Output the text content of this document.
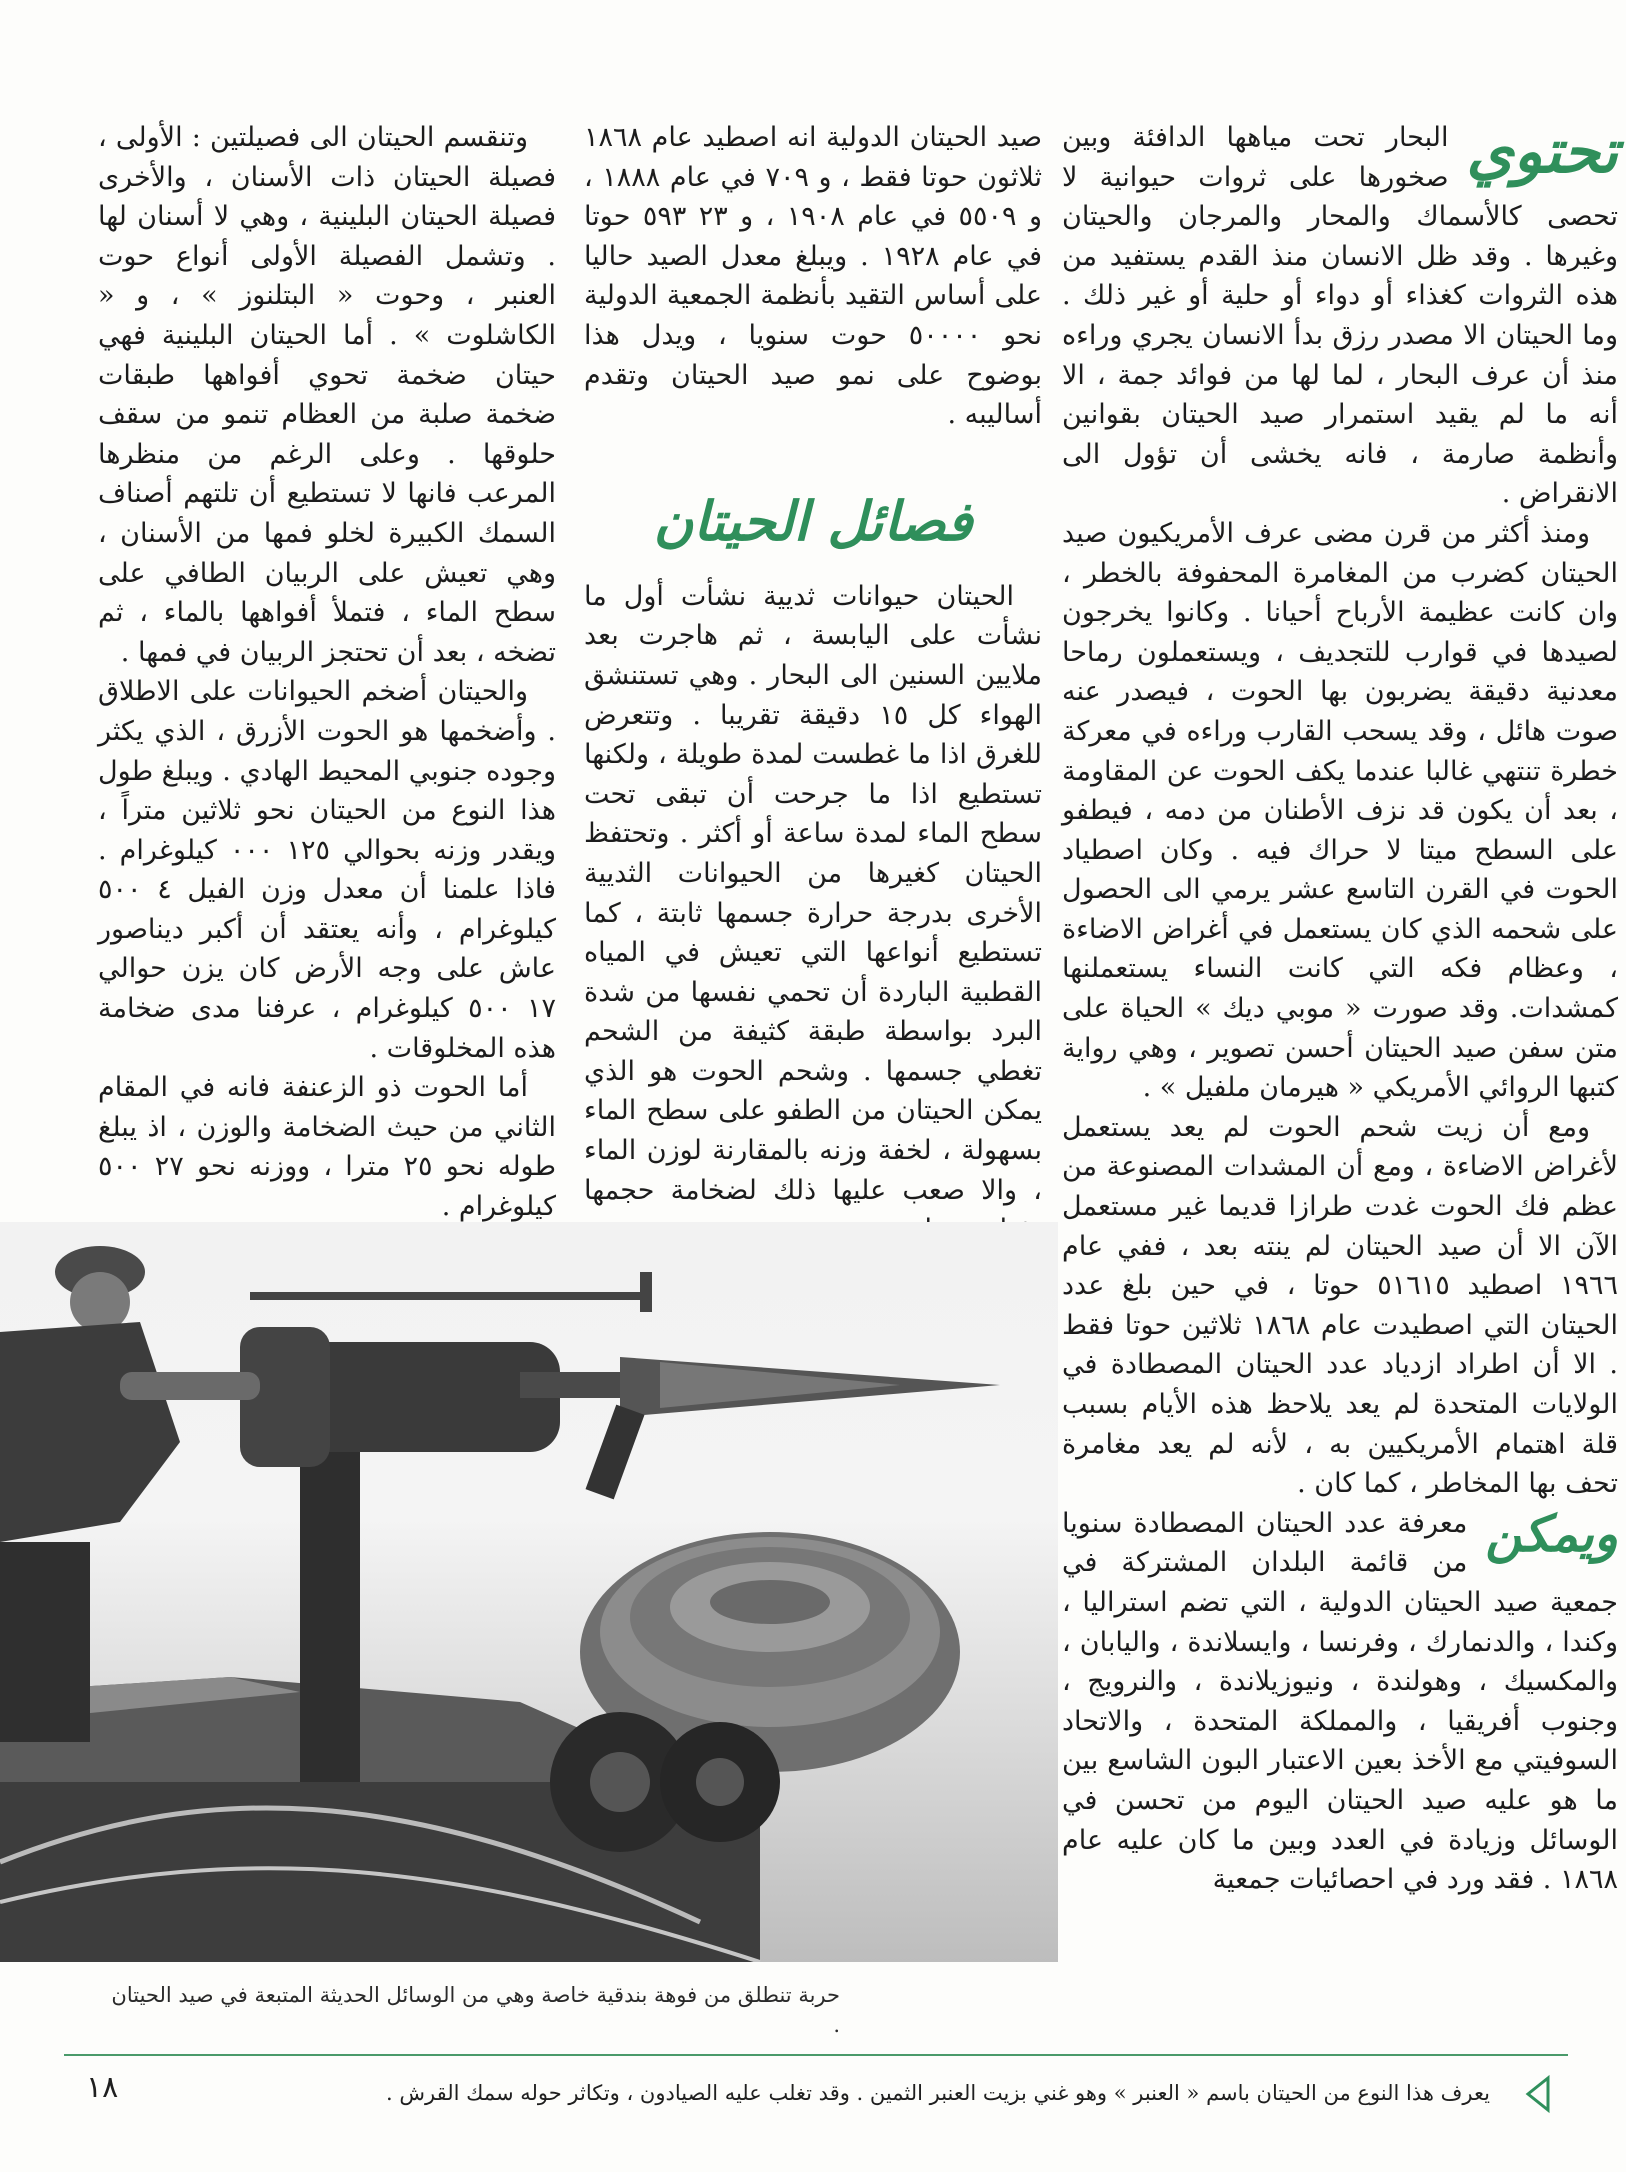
تحتوي

البحار تحت مياهها الدافئة وبين صخورها على ثروات حيوانية لا تحصى كالأسماك والمحار والمرجان والحيتان وغيرها . وقد ظل الانسان منذ القدم يستفيد من هذه الثروات كغذاء أو دواء أو حلية أو غير ذلك . وما الحيتان الا مصدر رزق بدأ الانسان يجري وراءه منذ أن عرف البحار ، لما لها من فوائد جمة ، الا أنه ما لم يقيد استمرار صيد الحيتان بقوانين وأنظمة صارمة ، فانه يخشى أن تؤول الى الانقراض .

ومنذ أكثر من قرن مضى عرف الأمريكيون صيد الحيتان كضرب من المغامرة المحفوفة بالخطر ، وان كانت عظيمة الأرباح أحيانا . وكانوا يخرجون لصيدها في قوارب للتجديف ، ويستعملون رماحا معدنية دقيقة يضربون بها الحوت ، فيصدر عنه صوت هائل ، وقد يسحب القارب وراءه في معركة خطرة تنتهي غالبا عندما يكف الحوت عن المقاومة ، بعد أن يكون قد نزف الأطنان من دمه ، فيطفو على السطح ميتا لا حراك فيه . وكان اصطياد الحوت في القرن التاسع عشر يرمي الى الحصول على شحمه الذي كان يستعمل في أغراض الاضاءة ، وعظام فكه التي كانت النساء يستعملنها كمشدات. وقد صورت « موبي ديك » الحياة على متن سفن صيد الحيتان أحسن تصوير ، وهي رواية كتبها الروائي الأمريكي « هيرمان ملفيل » .

ومع أن زيت شحم الحوت لم يعد يستعمل لأغراض الاضاءة ، ومع أن المشدات المصنوعة من عظم فك الحوت غدت طرازا قديما غير مستعمل الآن الا أن صيد الحيتان لم ينته بعد ، ففي عام ١٩٦٦ اصطيد ٥١٦١٥ حوتا ، في حين بلغ عدد الحيتان التي اصطيدت عام ١٨٦٨ ثلاثين حوتا فقط . الا أن اطراد ازدياد عدد الحيتان المصطادة في الولايات المتحدة لم يعد يلاحظ هذه الأيام بسبب قلة اهتمام الأمريكيين به ، لأنه لم يعد مغامرة تحف بها المخاطر ، كما كان .

ويمكن

معرفة عدد الحيتان المصطادة سنويا من قائمة البلدان المشتركة في جمعية صيد الحيتان الدولية ، التي تضم استراليا ، وكندا ، والدنمارك ، وفرنسا ، وايسلاندة ، واليابان ، والمكسيك ، وهولندة ، ونيوزيلاندة ، والنرويج ، وجنوب أفريقيا ، والمملكة المتحدة ، والاتحاد السوفيتي مع الأخذ بعين الاعتبار البون الشاسع بين ما هو عليه صيد الحيتان اليوم من تحسن في الوسائل وزيادة في العدد وبين ما كان عليه عام ١٨٦٨ . فقد ورد في احصائيات جمعية

صيد الحيتان الدولية انه اصطيد عام ١٨٦٨ ثلاثون حوتا فقط ، و ٧٠٩ في عام ١٨٨٨ ، و ٥٥٠٩ في عام ١٩٠٨ ، و ٢٣ ٥٩٣ حوتا في عام ١٩٢٨ . ويبلغ معدل الصيد حاليا على أساس التقيد بأنظمة الجمعية الدولية نحو ٥٠٠٠٠ حوت سنويا ، ويدل هذا بوضوح على نمو صيد الحيتان وتقدم أساليبه .

فصائل الحيتان

الحيتان حيوانات ثديية نشأت أول ما نشأت على اليابسة ، ثم هاجرت بعد ملايين السنين الى البحار . وهي تستنشق الهواء كل ١٥ دقيقة تقريبا . وتتعرض للغرق اذا ما غطست لمدة طويلة ، ولكنها تستطيع اذا ما جرحت أن تبقى تحت سطح الماء لمدة ساعة أو أكثر . وتحتفظ الحيتان كغيرها من الحيوانات الثديية الأخرى بدرجة حرارة جسمها ثابتة ، كما تستطيع أنواعها التي تعيش في المياه القطبية الباردة أن تحمي نفسها من شدة البرد بواسطة طبقة كثيفة من الشحم تغطي جسمها . وشحم الحوت هو الذي يمكن الحيتان من الطفو على سطح الماء بسهولة ، لخفة وزنه بالمقارنة لوزن الماء ، والا صعب عليها ذلك لضخامة حجمها

وتنقسم الحيتان الى فصيلتين : الأولى ، فصيلة الحيتان ذات الأسنان ، والأخرى فصيلة الحيتان البلينية ، وهي لا أسنان لها . وتشمل الفصيلة الأولى أنواع حوت العنبر ، وحوت « البتلنوز » ، و « الكاشلوت » . أما الحيتان البلينية فهي حيتان ضخمة تحوي أفواهها طبقات ضخمة صلبة من العظام تنمو من سقف حلوقها . وعلى الرغم من منظرها المرعب فانها لا تستطيع أن تلتهم أصناف السمك الكبيرة لخلو فمها من الأسنان ، وهي تعيش على الربيان الطافي على سطح الماء ، فتملأ أفواهها بالماء ، ثم تضخه ، بعد أن تحتجز الربيان في فمها .

والحيتان أضخم الحيوانات على الاطلاق . وأضخمها هو الحوت الأزرق ، الذي يكثر وجوده جنوبي المحيط الهادي . ويبلغ طول هذا النوع من الحيتان نحو ثلاثين متراً ، ويقدر وزنه بحوالي ١٢٥ ٠٠٠ كيلوغرام . فاذا علمنا أن معدل وزن الفيل ٤ ٥٠٠ كيلوغرام ، وأنه يعتقد أن أكبر ديناصور عاش على وجه الأرض كان يزن حوالي ١٧ ٥٠٠ كيلوغرام ، عرفنا مدى ضخامة هذه المخلوقات .

أما الحوت ذو الزعنفة فانه في المقام الثاني من حيث الضخامة والوزن ، اذ يبلغ طوله نحو ٢٥ مترا ، ووزنه نحو ٢٧ ٥٠٠ كيلوغرام .

حربة تنطلق من فوهة بندقية خاصة وهي من الوسائل الحديثة المتبعة في صيد الحيتان .
يعرف هذا النوع من الحيتان باسم « العنبر » وهو غني بزيت العنبر الثمين . وقد تغلب عليه الصيادون ، وتكاثر حوله سمك القرش .
١٨
